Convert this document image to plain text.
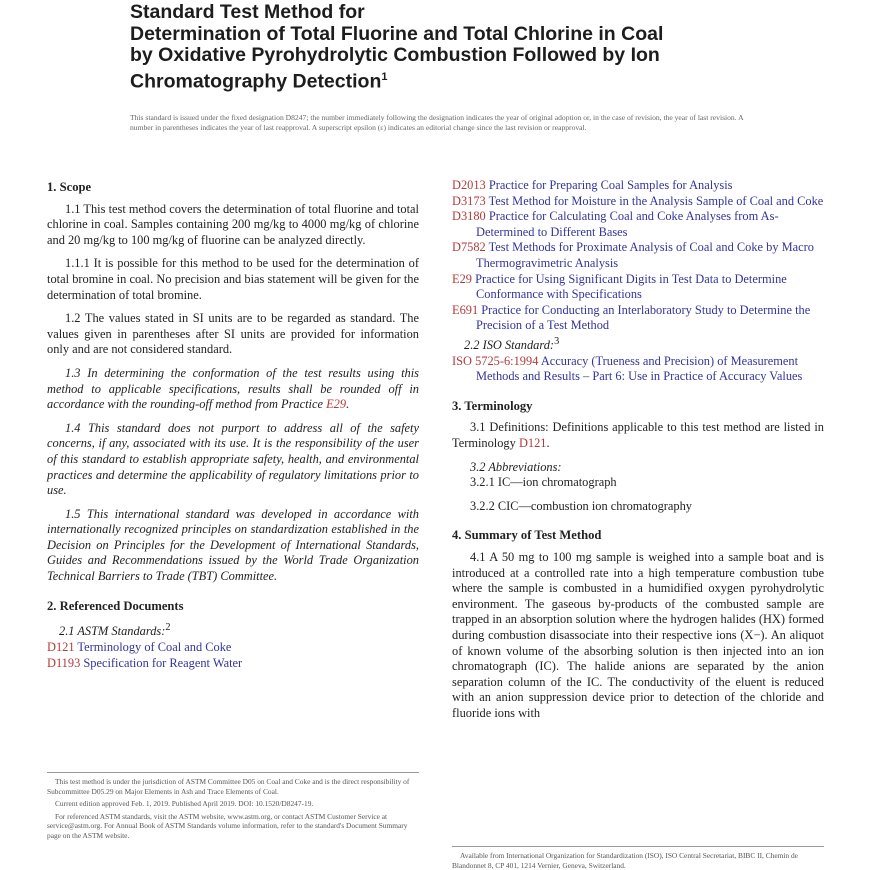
Standard Test Method for
Determination of Total Fluorine and Total Chlorine in Coal
by Oxidative Pyrohydrolytic Combustion Followed by Ion
Chromatography Detection$^1$
This standard is issued under the fixed designation D8247; the number immediately following the designation indicates the year of original adoption or, in the case of revision, the year of last revision. A number in parentheses indicates the year of last reapproval. A superscript epsilon (ε) indicates an editorial change since the last revision or reapproval.
1. Scope

1.1 This test method covers the determination of total fluorine and total chlorine in coal. Samples containing 200 mg/kg to 4000 mg/kg of chlorine and 20 mg/kg to 100 mg/kg of fluorine can be analyzed directly.

1.1.1 It is possible for this method to be used for the determination of total bromine in coal. No precision and bias statement will be given for the determination of total bromine.

1.2 The values stated in SI units are to be regarded as standard. The values given in parentheses after SI units are provided for information only and are not considered standard.

1.3 In determining the conformation of the test results using this method to applicable specifications, results shall be rounded off in accordance with the rounding-off method from Practice E29.

1.4 This standard does not purport to address all of the safety concerns, if any, associated with its use. It is the responsibility of the user of this standard to establish appropriate safety, health, and environmental practices and determine the applicability of regulatory limitations prior to use.

1.5 This international standard was developed in accordance with internationally recognized principles on standardization established in the Decision on Principles for the Development of International Standards, Guides and Recommendations issued by the World Trade Organization Technical Barriers to Trade (TBT) Committee.

2. Referenced Documents

2.1 ASTM Standards:$^2$

D121 Terminology of Coal and Coke

D1193 Specification for Reagent Water

This test method is under the jurisdiction of ASTM Committee D05 on Coal and Coke and is the direct responsibility of Subcommittee D05.29 on Major Elements in Ash and Trace Elements of Coal.

Current edition approved Feb. 1, 2019. Published April 2019. DOI: 10.1520/D8247-19.

For referenced ASTM standards, visit the ASTM website, www.astm.org, or contact ASTM Customer Service at service@astm.org. For Annual Book of ASTM Standards volume information, refer to the standard's Document Summary page on the ASTM website.

D2013 Practice for Preparing Coal Samples for Analysis

D3173 Test Method for Moisture in the Analysis Sample of Coal and Coke

D3180 Practice for Calculating Coal and Coke Analyses from As-Determined to Different Bases

D7582 Test Methods for Proximate Analysis of Coal and Coke by Macro Thermogravimetric Analysis

E29 Practice for Using Significant Digits in Test Data to Determine Conformance with Specifications

E691 Practice for Conducting an Interlaboratory Study to Determine the Precision of a Test Method

2.2 ISO Standard:$^3$

ISO 5725-6:1994 Accuracy (Trueness and Precision) of Measurement Methods and Results – Part 6: Use in Practice of Accuracy Values

3. Terminology

3.1 Definitions: Definitions applicable to this test method are listed in Terminology D121.

3.2 Abbreviations:

3.2.1 IC—ion chromatograph

3.2.2 CIC—combustion ion chromatography

4. Summary of Test Method

4.1 A 50 mg to 100 mg sample is weighed into a sample boat and is introduced at a controlled rate into a high temperature combustion tube where the sample is combusted in a humidified oxygen pyrohydrolytic environment. The gaseous by-products of the combusted sample are trapped in an absorption solution where the hydrogen halides (HX) formed during combustion disassociate into their respective ions (X−). An aliquot of known volume of the absorbing solution is then injected into an ion chromatograph (IC). The halide anions are separated by the anion separation column of the IC. The conductivity of the eluent is reduced with an anion suppression device prior to detection of the chloride and fluoride ions with

Available from International Organization for Standardization (ISO), ISO Central Secretariat, BIBC II, Chemin de Blandonnet 8, CP 401, 1214 Vernier, Geneva, Switzerland.
